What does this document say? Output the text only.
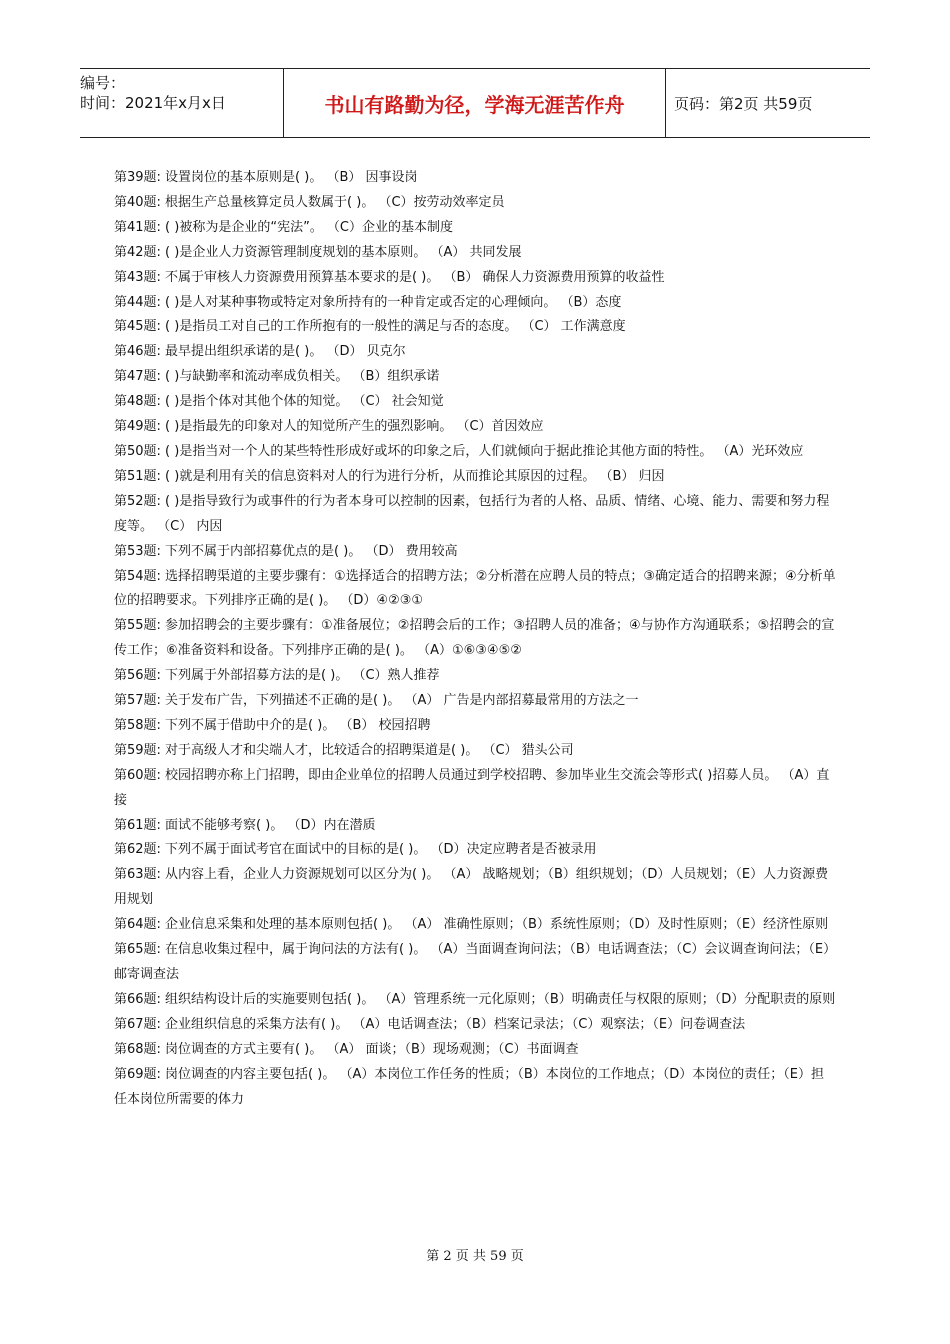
编号：
时间：2021年x月x日	书山有路勤为径，学海无涯苦作舟	页码：第2页 共59页

第39题: 设置岗位的基本原则是( )。 （B） 因事设岗

第40题: 根据生产总量核算定员人数属于( )。 （C）按劳动效率定员

第41题: ( )被称为是企业的“宪法”。 （C）企业的基本制度

第42题: ( )是企业人力资源管理制度规划的基本原则。 （A） 共同发展

第43题: 不属于审核人力资源费用预算基本要求的是( )。 （B） 确保人力资源费用预算的收益性

第44题: ( )是人对某种事物或特定对象所持有的一种肯定或否定的心理倾向。 （B）态度

第45题: ( )是指员工对自己的工作所抱有的一般性的满足与否的态度。 （C） 工作满意度

第46题: 最早提出组织承诺的是( )。 （D） 贝克尔

第47题: ( )与缺勤率和流动率成负相关。 （B）组织承诺

第48题: ( )是指个体对其他个体的知觉。 （C） 社会知觉

第49题: ( )是指最先的印象对人的知觉所产生的强烈影响。 （C）首因效应

第50题: ( )是指当对一个人的某些特性形成好或坏的印象之后，人们就倾向于据此推论其他方面的特性。 （A）光环效应

第51题: ( )就是利用有关的信息资料对人的行为进行分析，从而推论其原因的过程。 （B） 归因

第52题: ( )是指导致行为或事件的行为者本身可以控制的因素，包括行为者的人格、品质、情绪、心境、能力、需要和努力程度等。 （C） 内因

第53题: 下列不属于内部招募优点的是( )。 （D） 费用较高

第54题: 选择招聘渠道的主要步骤有：①选择适合的招聘方法；②分析潜在应聘人员的特点；③确定适合的招聘来源；④分析单位的招聘要求。下列排序正确的是( )。 （D）④②③①

第55题: 参加招聘会的主要步骤有：①准备展位；②招聘会后的工作；③招聘人员的准备；④与协作方沟通联系；⑤招聘会的宣传工作；⑥准备资料和设备。下列排序正确的是( )。 （A）①⑥③④⑤②

第56题: 下列属于外部招募方法的是( )。 （C）熟人推荐

第57题: 关于发布广告，下列描述不正确的是( )。 （A） 广告是内部招募最常用的方法之一

第58题: 下列不属于借助中介的是( )。 （B） 校园招聘

第59题: 对于高级人才和尖端人才，比较适合的招聘渠道是( )。 （C） 猎头公司

第60题: 校园招聘亦称上门招聘，即由企业单位的招聘人员通过到学校招聘、参加毕业生交流会等形式( )招募人员。 （A）直接

第61题: 面试不能够考察( )。 （D）内在潜质

第62题: 下列不属于面试考官在面试中的目标的是( )。 （D）决定应聘者是否被录用

第63题: 从内容上看，企业人力资源规划可以区分为( )。 （A） 战略规划；（B）组织规划；（D）人员规划；（E）人力资源费用规划

第64题: 企业信息采集和处理的基本原则包括( )。 （A） 准确性原则；（B）系统性原则；（D）及时性原则；（E）经济性原则

第65题: 在信息收集过程中，属于询问法的方法有( )。 （A）当面调查询问法；（B）电话调查法；（C）会议调查询问法；（E）邮寄调查法

第66题: 组织结构设计后的实施要则包括( )。 （A）管理系统一元化原则；（B）明确责任与权限的原则；（D）分配职责的原则

第67题: 企业组织信息的采集方法有( )。 （A）电话调查法；（B）档案记录法；（C）观察法；（E）问卷调查法

第68题: 岗位调查的方式主要有( )。 （A） 面谈；（B）现场观测；（C）书面调查

第69题: 岗位调查的内容主要包括( )。 （A）本岗位工作任务的性质；（B）本岗位的工作地点；（D）本岗位的责任；（E）担任本岗位所需要的体力

第 2 页 共 59 页
